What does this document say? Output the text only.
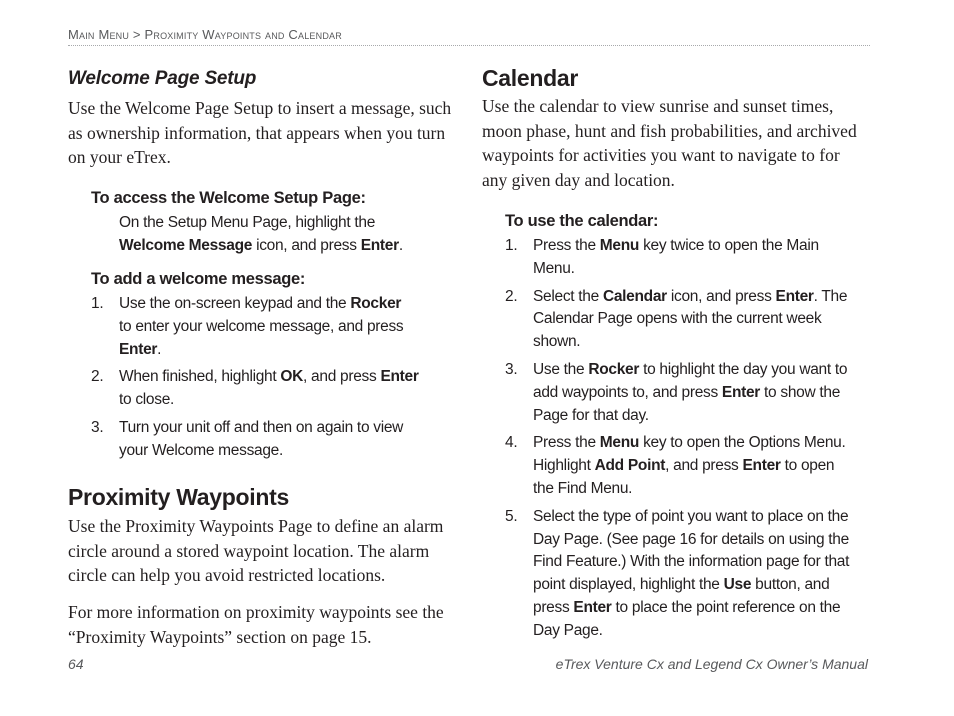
Main Menu > Proximity Waypoints and Calendar
Welcome Page Setup
Use the Welcome Page Setup to insert a message, such as ownership information, that appears when you turn on your eTrex.
To access the Welcome Setup Page:
On the Setup Menu Page, highlight the
Welcome Message icon, and press Enter.
To add a welcome message:
1. Use the on-screen keypad and the Rocker
to enter your welcome message, and press
Enter.
2. When finished, highlight OK, and press Enter
to close.
3. Turn your unit off and then on again to view your Welcome message.
Proximity Waypoints
Use the Proximity Waypoints Page to define an alarm circle around a stored waypoint location. The alarm circle can help you avoid restricted locations.
For more information on proximity waypoints see the “Proximity Waypoints” section on page 15.
Calendar
Use the calendar to view sunrise and sunset times, moon phase, hunt and fish probabilities, and archived waypoints for activities you want to navigate to for any given day and location.
To use the calendar:
1. Press the Menu key twice to open the Main Menu.
2. Select the Calendar icon, and press Enter. The Calendar Page opens with the current week shown.
3. Use the Rocker to highlight the day you want to add waypoints to, and press Enter to show the Page for that day.
4. Press the Menu key to open the Options Menu. Highlight Add Point, and press Enter to open the Find Menu.
5. Select the type of point you want to place on the Day Page. (See page 16 for details on using the Find Feature.) With the information page for that point displayed, highlight the Use button, and press Enter to place the point reference on the Day Page.
64	eTrex Venture Cx and Legend Cx Owner’s Manual
